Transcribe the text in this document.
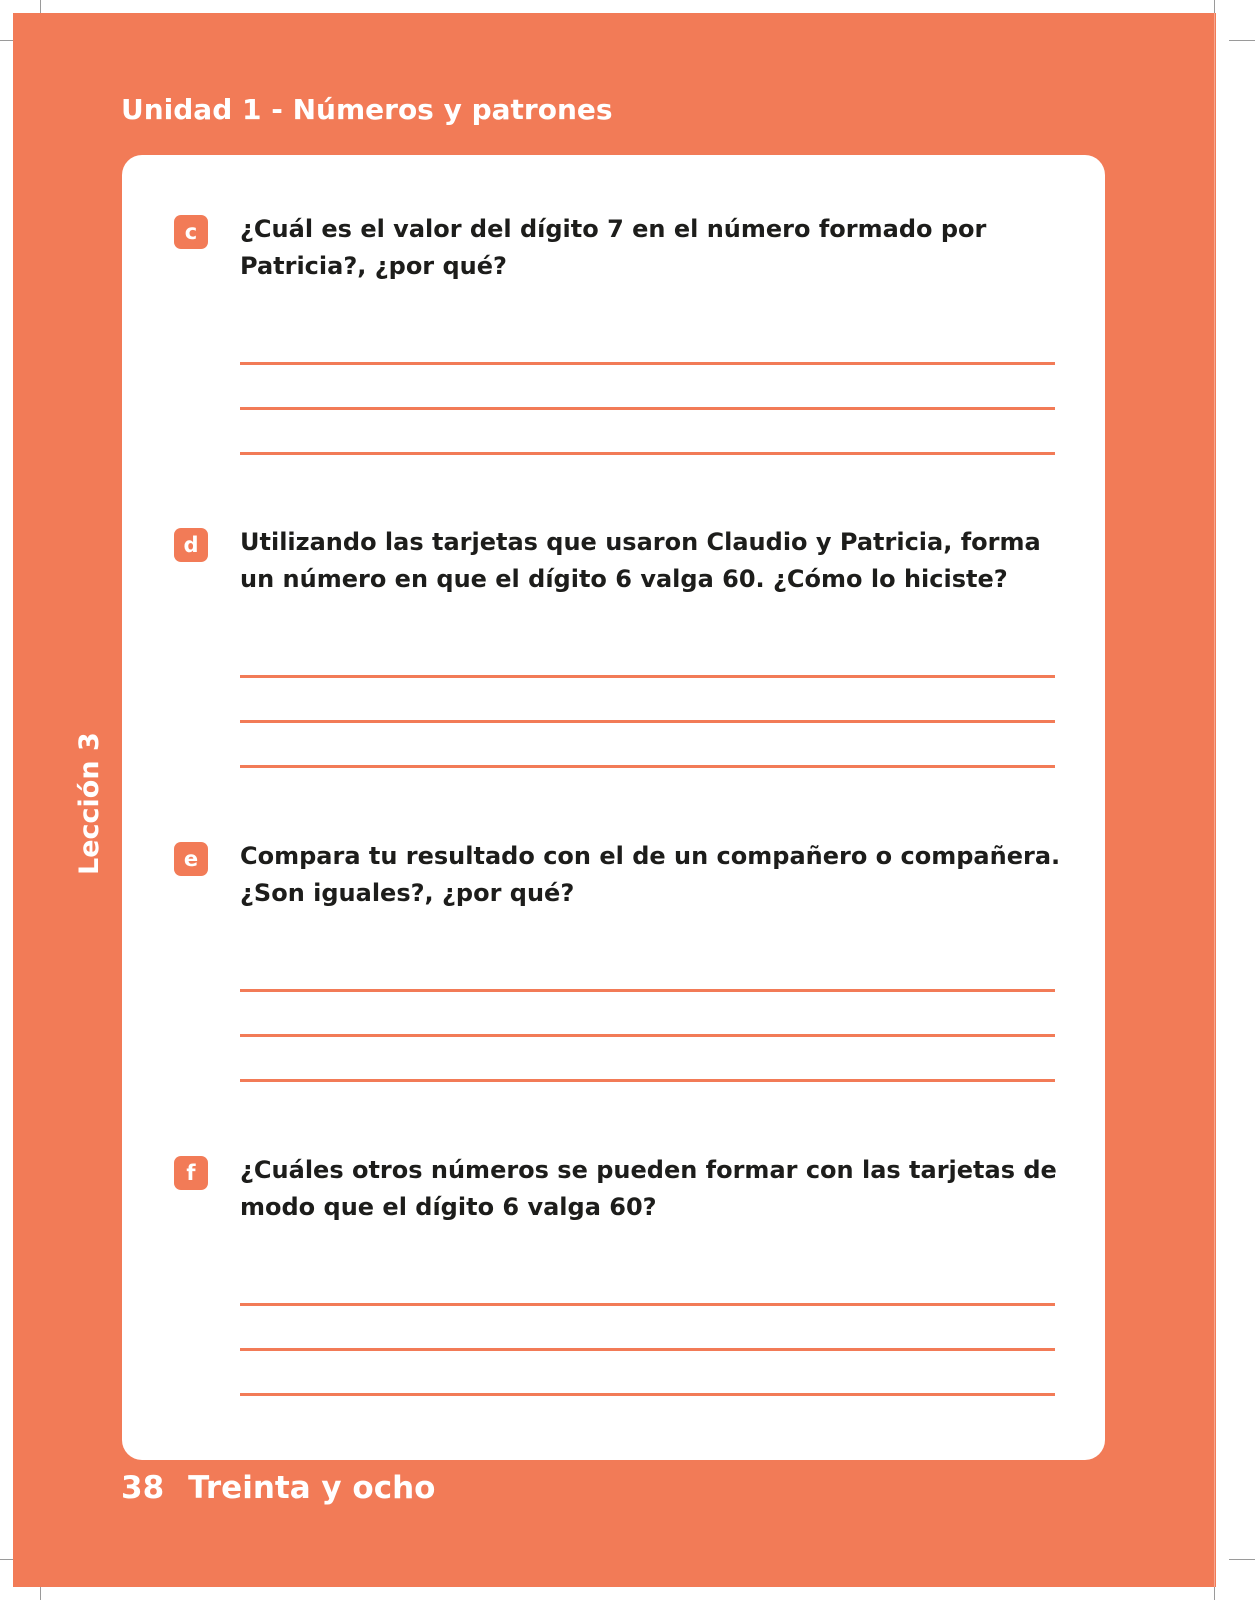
Unidad 1 - Números y patrones
Lección 3
c	¿Cuál es el valor del dígito 7 en el número formado por Patricia?, ¿por qué?

d	Utilizando las tarjetas que usaron Claudio y Patricia, forma un número en que el dígito 6 valga 60. ¿Cómo lo hiciste?

e	Compara tu resultado con el de un compañero o compañera. ¿Son iguales?, ¿por qué?

f	¿Cuáles otros números se pueden formar con las tarjetas de modo que el dígito 6 valga 60?

38 Treinta y ocho
